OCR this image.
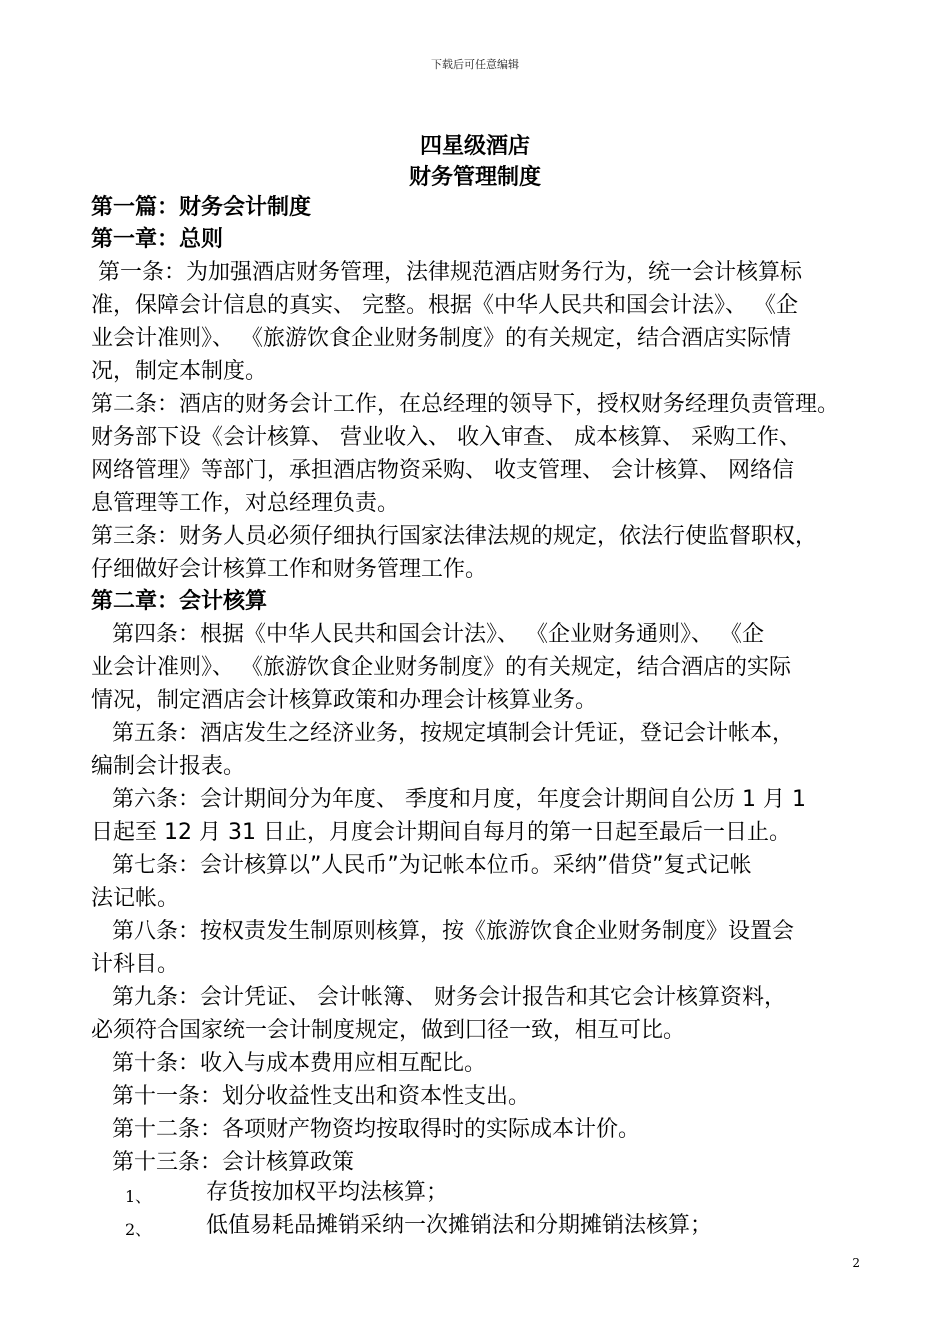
下载后可任意编辑
四星级酒店
财务管理制度
第一篇：财务会计制度
第一章：总则
第一条：为加强酒店财务管理，法律规范酒店财务行为，统一会计核算标
准，保障会计信息的真实、 完整。根据《中华人民共和国会计法》、 《企
业会计准则》、 《旅游饮食企业财务制度》的有关规定，结合酒店实际情
况，制定本制度。
第二条：酒店的财务会计工作，在总经理的领导下，授权财务经理负责管理。
财务部下设《会计核算、 营业收入、 收入审查、 成本核算、 采购工作、
网络管理》等部门，承担酒店物资采购、 收支管理、 会计核算、 网络信
息管理等工作，对总经理负责。
第三条：财务人员必须仔细执行国家法律法规的规定，依法行使监督职权，
仔细做好会计核算工作和财务管理工作。
第二章：会计核算
第四条：根据《中华人民共和国会计法》、 《企业财务通则》、 《企
业会计准则》、 《旅游饮食企业财务制度》的有关规定，结合酒店的实际
情况，制定酒店会计核算政策和办理会计核算业务。
第五条：酒店发生之经济业务，按规定填制会计凭证，登记会计帐本，
编制会计报表。
第六条：会计期间分为年度、 季度和月度，年度会计期间自公历 1 月 1
日起至 12 月 31 日止，月度会计期间自每月的第一日起至最后一日止。
第七条：会计核算以”人民币”为记帐本位币。采纳”借贷”复式记帐
法记帐。
第八条：按权责发生制原则核算，按《旅游饮食企业财务制度》设置会
计科目。
第九条：会计凭证、 会计帐簿、 财务会计报告和其它会计核算资料，
必须符合国家统一会计制度规定，做到囗径一致，相互可比。
第十条：收入与成本费用应相互配比。
第十一条：划分收益性支出和资本性支出。
第十二条：各项财产物资均按取得时的实际成本计价。
第十三条：会计核算政策
1、 存货按加权平均法核算；
2、 低值易耗品摊销采纳一次摊销法和分期摊销法核算；
2
